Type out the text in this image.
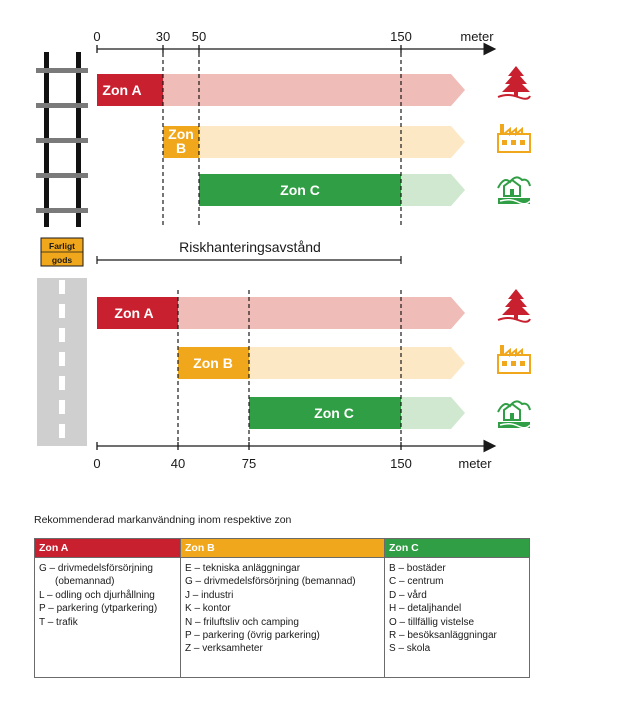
0	30 50	150	meter
Zon A
Zon
B
Zon C
Farligt
gods
Riskhanteringsavstånd
Zon A
Zon B
Zon C
0	40	75	150	meter
Rekommenderad markanvändning inom respektive zon
Zon A
G – drivmedelsförsörjning
(obemannad)
L – odling och djurhållning
P – parkering (ytparkering)
T – trafik
Zon B
E – tekniska anläggningar
G – drivmedelsförsörjning (bemannad)
J – industri
K – kontor
N – friluftsliv och camping
P – parkering (övrig parkering)
Z – verksamheter
Zon C
B – bostäder
C – centrum
D – vård
H – detaljhandel
O – tillfällig vistelse
R – besöksanläggningar
S – skola
